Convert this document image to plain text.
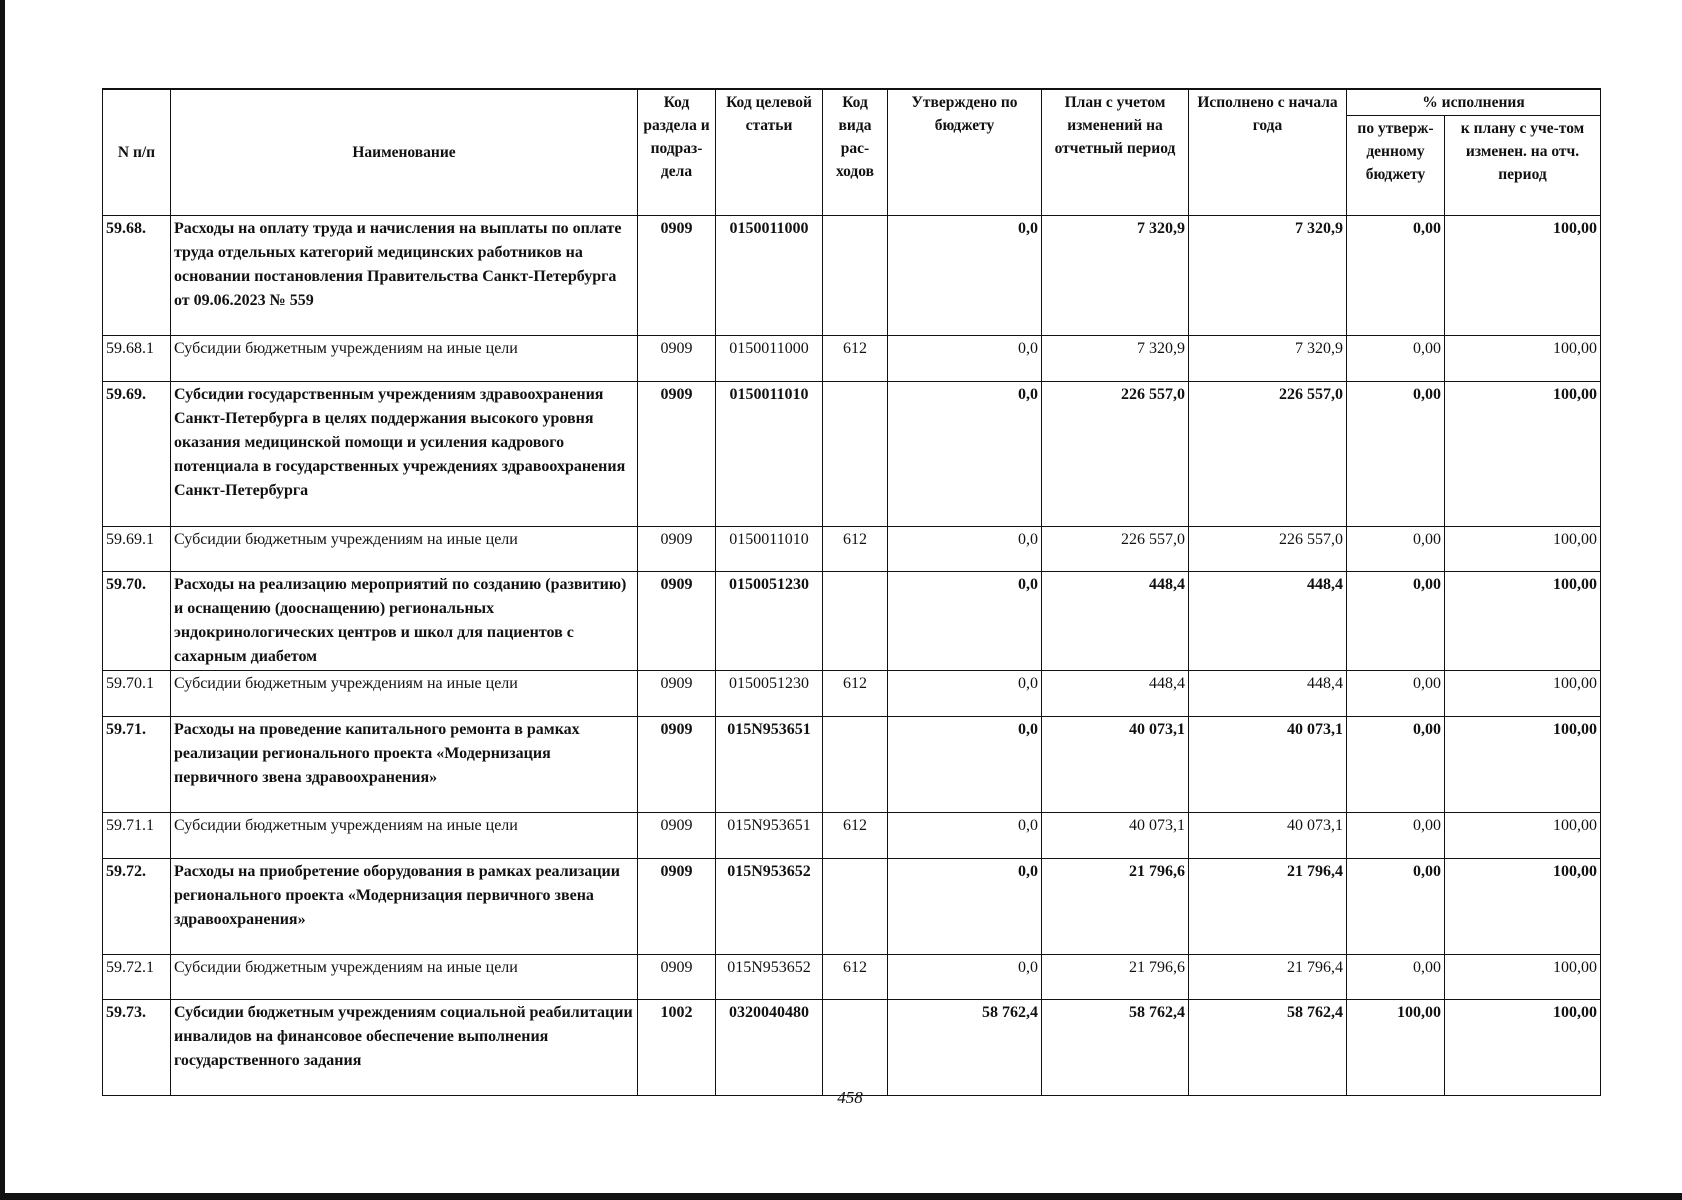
N п/п	Наименование	Код раздела и подраз-дела	Код целевой статьи	Код вида рас-ходов	Утверждено по бюджету	План с учетом изменений на отчетный период	Исполнено с начала года	% исполнения	
								по утверж-денному бюджету	к плану с уче-том изменен. на отч. период
59.68.	Расходы на оплату труда и начисления на выплаты по оплате труда отдельных категорий медицинских работников на основании постановления Правительства Санкт-Петербурга от 09.06.2023 № 559	0909	0150011000		0,0	7 320,9	7 320,9	0,00	100,00
59.68.1	Субсидии бюджетным учреждениям на иные цели	0909	0150011000	612	0,0	7 320,9	7 320,9	0,00	100,00
59.69.	Субсидии государственным учреждениям здравоохранения Санкт-Петербурга в целях поддержания высокого уровня оказания медицинской помощи и усиления кадрового потенциала в государственных учреждениях здравоохранения Санкт-Петербурга	0909	0150011010		0,0	226 557,0	226 557,0	0,00	100,00
59.69.1	Субсидии бюджетным учреждениям на иные цели	0909	0150011010	612	0,0	226 557,0	226 557,0	0,00	100,00
59.70.	Расходы на реализацию мероприятий по созданию (развитию) и оснащению (дооснащению) региональных эндокринологических центров и школ для пациентов с сахарным диабетом	0909	0150051230		0,0	448,4	448,4	0,00	100,00
59.70.1	Субсидии бюджетным учреждениям на иные цели	0909	0150051230	612	0,0	448,4	448,4	0,00	100,00
59.71.	Расходы на проведение капитального ремонта в рамках реализации регионального проекта «Модернизация первичного звена здравоохранения»	0909	015N953651		0,0	40 073,1	40 073,1	0,00	100,00
59.71.1	Субсидии бюджетным учреждениям на иные цели	0909	015N953651	612	0,0	40 073,1	40 073,1	0,00	100,00
59.72.	Расходы на приобретение оборудования в рамках реализации регионального проекта «Модернизация первичного звена здравоохранения»	0909	015N953652		0,0	21 796,6	21 796,4	0,00	100,00
59.72.1	Субсидии бюджетным учреждениям на иные цели	0909	015N953652	612	0,0	21 796,6	21 796,4	0,00	100,00
59.73.	Субсидии бюджетным учреждениям социальной реабилитации инвалидов на финансовое обеспечение выполнения государственного задания	1002	0320040480		58 762,4	58 762,4	58 762,4	100,00	100,00
458
